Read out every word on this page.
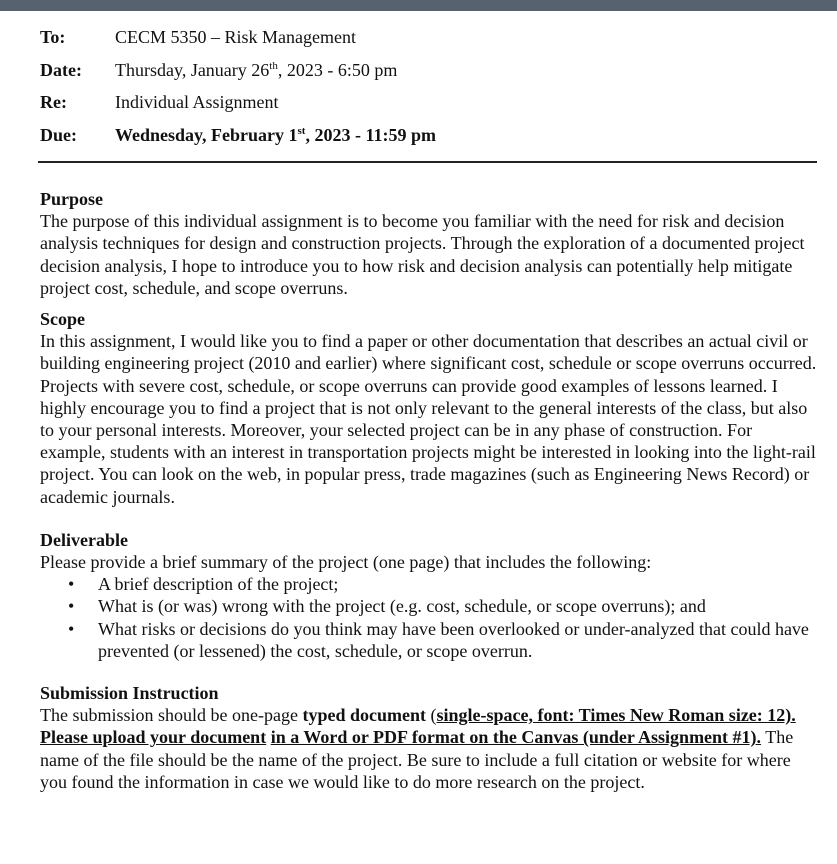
To:	CECM 5350 – Risk Management
Date:	Thursday, January 26th, 2023 - 6:50 pm
Re:	Individual Assignment
Due:	Wednesday, February 1st, 2023 - 11:59 pm

Purpose

The purpose of this individual assignment is to become you familiar with the need for risk and decision analysis techniques for design and construction projects. Through the exploration of a documented project decision analysis, I hope to introduce you to how risk and decision analysis can potentially help mitigate project cost, schedule, and scope overruns.

Scope

In this assignment, I would like you to find a paper or other documentation that describes an actual civil or building engineering project (2010 and earlier) where significant cost, schedule or scope overruns occurred. Projects with severe cost, schedule, or scope overruns can provide good examples of lessons learned. I highly encourage you to find a project that is not only relevant to the general interests of the class, but also to your personal interests. Moreover, your selected project can be in any phase of construction. For example, students with an interest in transportation projects might be interested in looking into the light-rail project. You can look on the web, in popular press, trade magazines (such as Engineering News Record) or academic journals.

Deliverable

Please provide a brief summary of the project (one page) that includes the following:

• A brief description of the project;
• What is (or was) wrong with the project (e.g. cost, schedule, or scope overruns); and
• What risks or decisions do you think may have been overlooked or under-analyzed that could have prevented (or lessened) the cost, schedule, or scope overrun.

Submission Instruction

The submission should be one-page typed document (single-space, font: Times New Roman size: 12). Please upload your document in a Word or PDF format on the Canvas (under Assignment #1). The name of the file should be the name of the project. Be sure to include a full citation or website for where you found the information in case we would like to do more research on the project.
